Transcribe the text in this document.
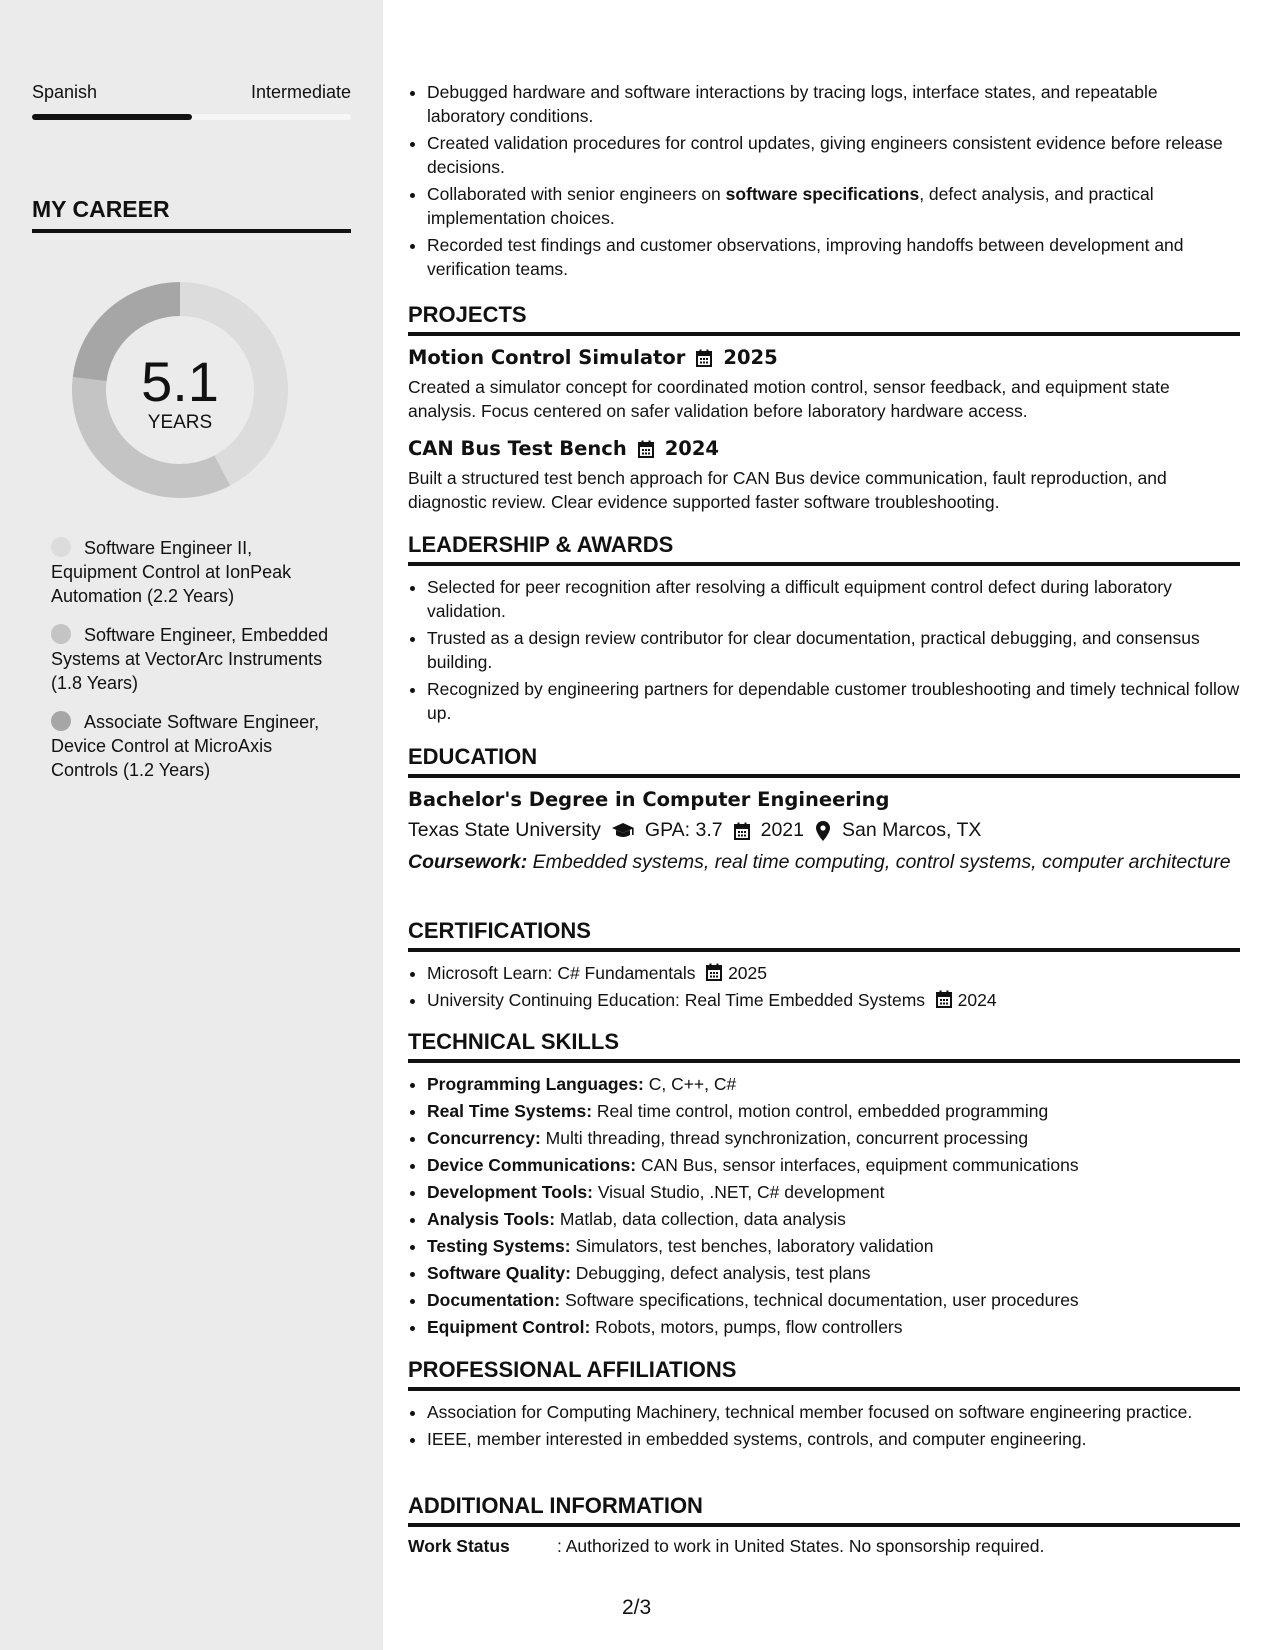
Spanish	Intermediate
MY CAREER
5.1
YEARS
Software Engineer II, Equipment Control at IonPeak Automation (2.2 Years)
Software Engineer, Embedded Systems at VectorArc Instruments (1.8 Years)
Associate Software Engineer, Device Control at MicroAxis Controls (1.2 Years)
• Debugged hardware and software interactions by tracing logs, interface states, and repeatable laboratory conditions.
• Created validation procedures for control updates, giving engineers consistent evidence before release decisions.
• Collaborated with senior engineers on software specifications, defect analysis, and practical implementation choices.
• Recorded test findings and customer observations, improving handoffs between development and verification teams.
PROJECTS
Motion Control Simulator 2025
Created a simulator concept for coordinated motion control, sensor feedback, and equipment state analysis. Focus centered on safer validation before laboratory hardware access.
CAN Bus Test Bench 2024
Built a structured test bench approach for CAN Bus device communication, fault reproduction, and diagnostic review. Clear evidence supported faster software troubleshooting.
LEADERSHIP & AWARDS
• Selected for peer recognition after resolving a difficult equipment control defect during laboratory validation.
• Trusted as a design review contributor for clear documentation, practical debugging, and consensus building.
• Recognized by engineering partners for dependable customer troubleshooting and timely technical follow up.
EDUCATION
Bachelor's Degree in Computer Engineering
Texas State University GPA: 3.7 2021 San Marcos, TX
Coursework: Embedded systems, real time computing, control systems, computer architecture
CERTIFICATIONS
• Microsoft Learn: C# Fundamentals 2025
• University Continuing Education: Real Time Embedded Systems 2024
TECHNICAL SKILLS
• Programming Languages: C, C++, C#
• Real Time Systems: Real time control, motion control, embedded programming
• Concurrency: Multi threading, thread synchronization, concurrent processing
• Device Communications: CAN Bus, sensor interfaces, equipment communications
• Development Tools: Visual Studio, .NET, C# development
• Analysis Tools: Matlab, data collection, data analysis
• Testing Systems: Simulators, test benches, laboratory validation
• Software Quality: Debugging, defect analysis, test plans
• Documentation: Software specifications, technical documentation, user procedures
• Equipment Control: Robots, motors, pumps, flow controllers
PROFESSIONAL AFFILIATIONS
• Association for Computing Machinery, technical member focused on software engineering practice.
• IEEE, member interested in embedded systems, controls, and computer engineering.
ADDITIONAL INFORMATION
Work Status	: Authorized to work in United States. No sponsorship required.
2/3
